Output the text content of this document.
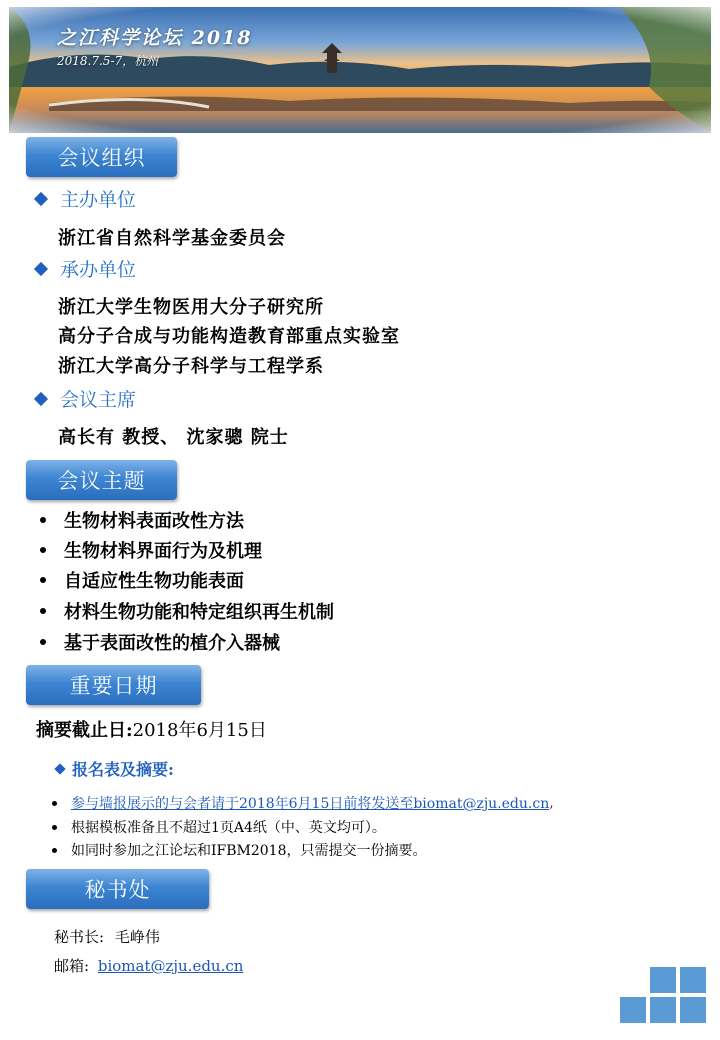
之江科学论坛 2018
2018.7.5-7，杭州
会议组织
主办单位
浙江省自然科学基金委员会
承办单位
浙江大学生物医用大分子研究所
高分子合成与功能构造教育部重点实验室
浙江大学高分子科学与工程学系
会议主席
高长有 教授、 沈家骢 院士
会议主题
生物材料表面改性方法
生物材料界面行为及机理
自适应性生物功能表面
材料生物功能和特定组织再生机制
基于表面改性的植介入器械
重要日期
摘要截止日:2018年6月15日
报名表及摘要:
参与墙报展示的与会者请于2018年6月15日前将发送至biomat@zju.edu.cn ,
根据模板准备且不超过1页A4纸（中、英文均可）。
如同时参加之江论坛和IFBM2018，只需提交一份摘要。
秘书处
秘书长: 毛峥伟
邮箱: biomat@zju.edu.cn
